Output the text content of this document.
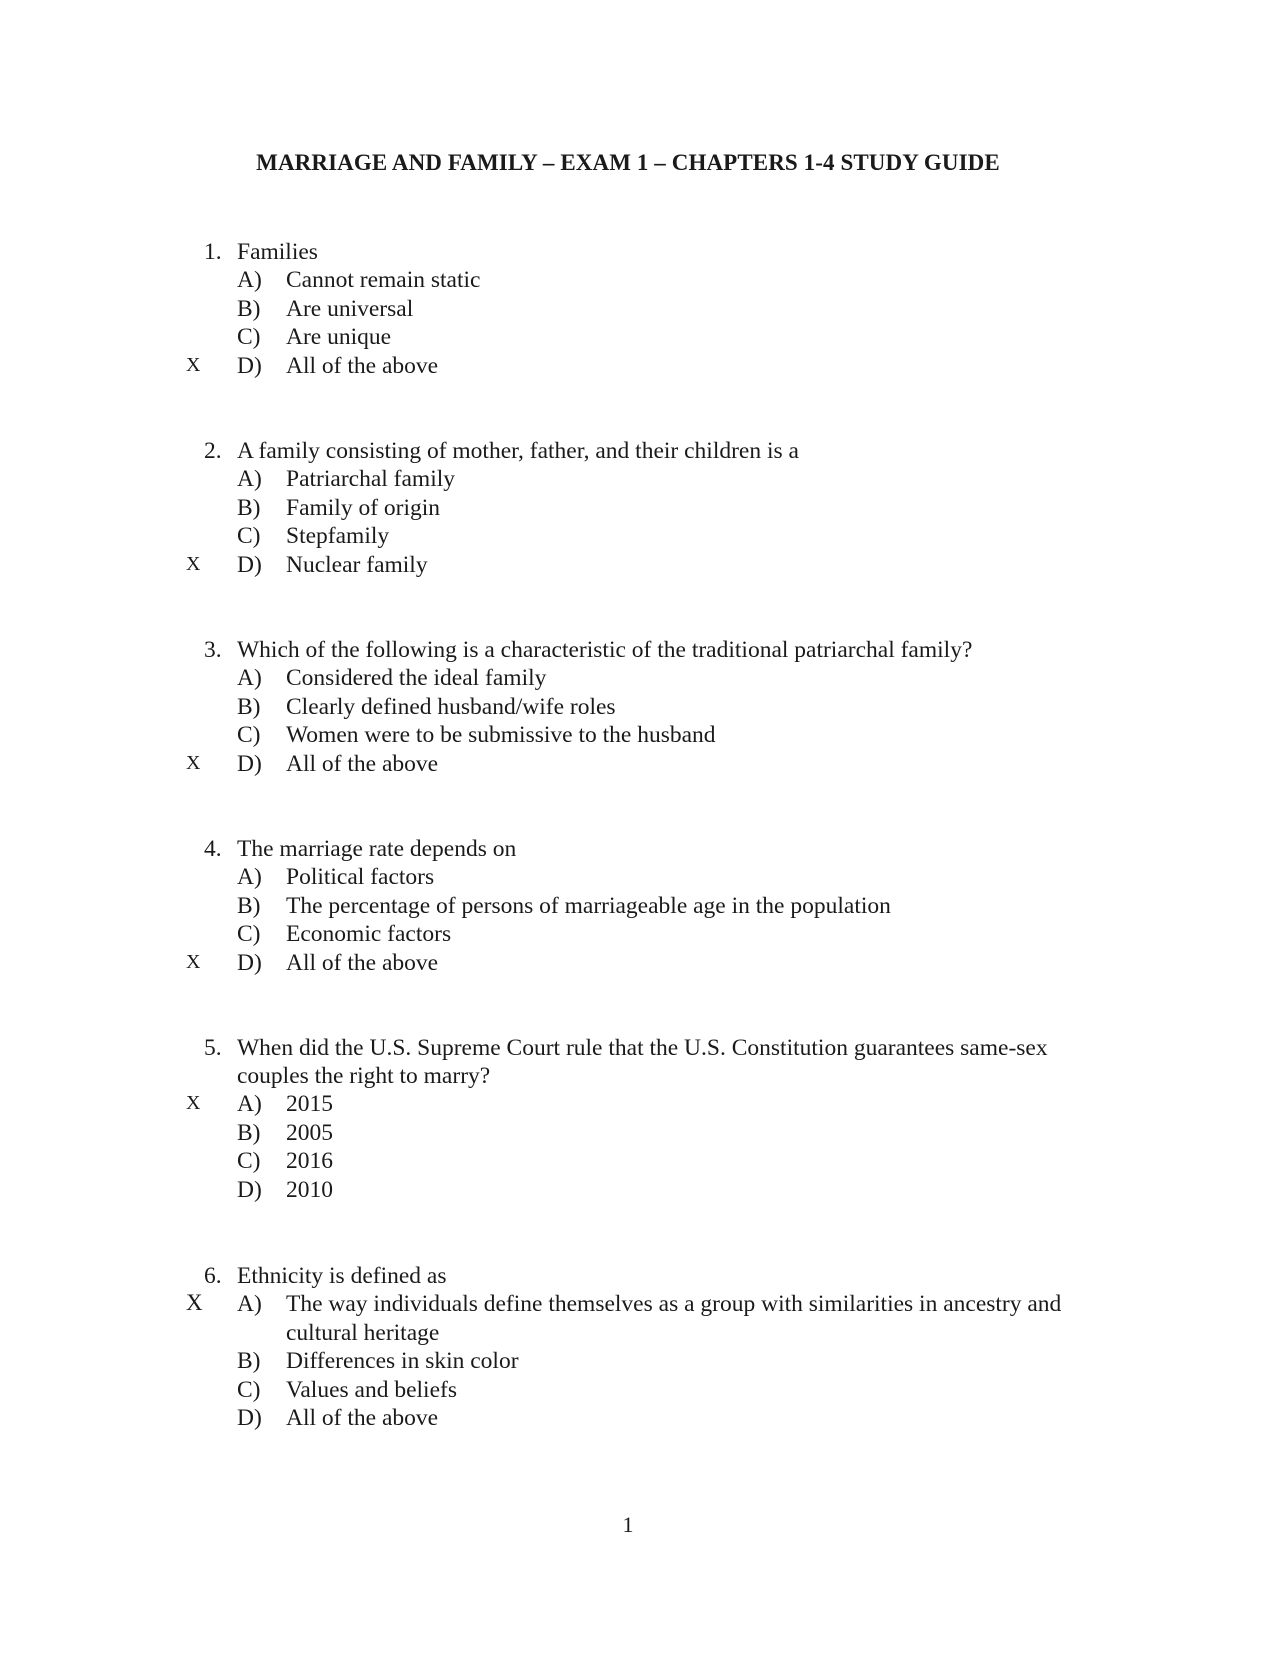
MARRIAGE AND FAMILY – EXAM 1 – CHAPTERS 1-4 STUDY GUIDE
1. Families
A) Cannot remain static
B) Are universal
C) Are unique
X D) All of the above
2. A family consisting of mother, father, and their children is a
A) Patriarchal family
B) Family of origin
C) Stepfamily
X D) Nuclear family
3. Which of the following is a characteristic of the traditional patriarchal family?
A) Considered the ideal family
B) Clearly defined husband/wife roles
C) Women were to be submissive to the husband
X D) All of the above
4. The marriage rate depends on
A) Political factors
B) The percentage of persons of marriageable age in the population
C) Economic factors
X D) All of the above
5. When did the U.S. Supreme Court rule that the U.S. Constitution guarantees same-sex
couples the right to marry?
X A) 2015
B) 2005
C) 2016
D) 2010
6. Ethnicity is defined as
X A) The way individuals define themselves as a group with similarities in ancestry and
cultural heritage
B) Differences in skin color
C) Values and beliefs
D) All of the above
1
